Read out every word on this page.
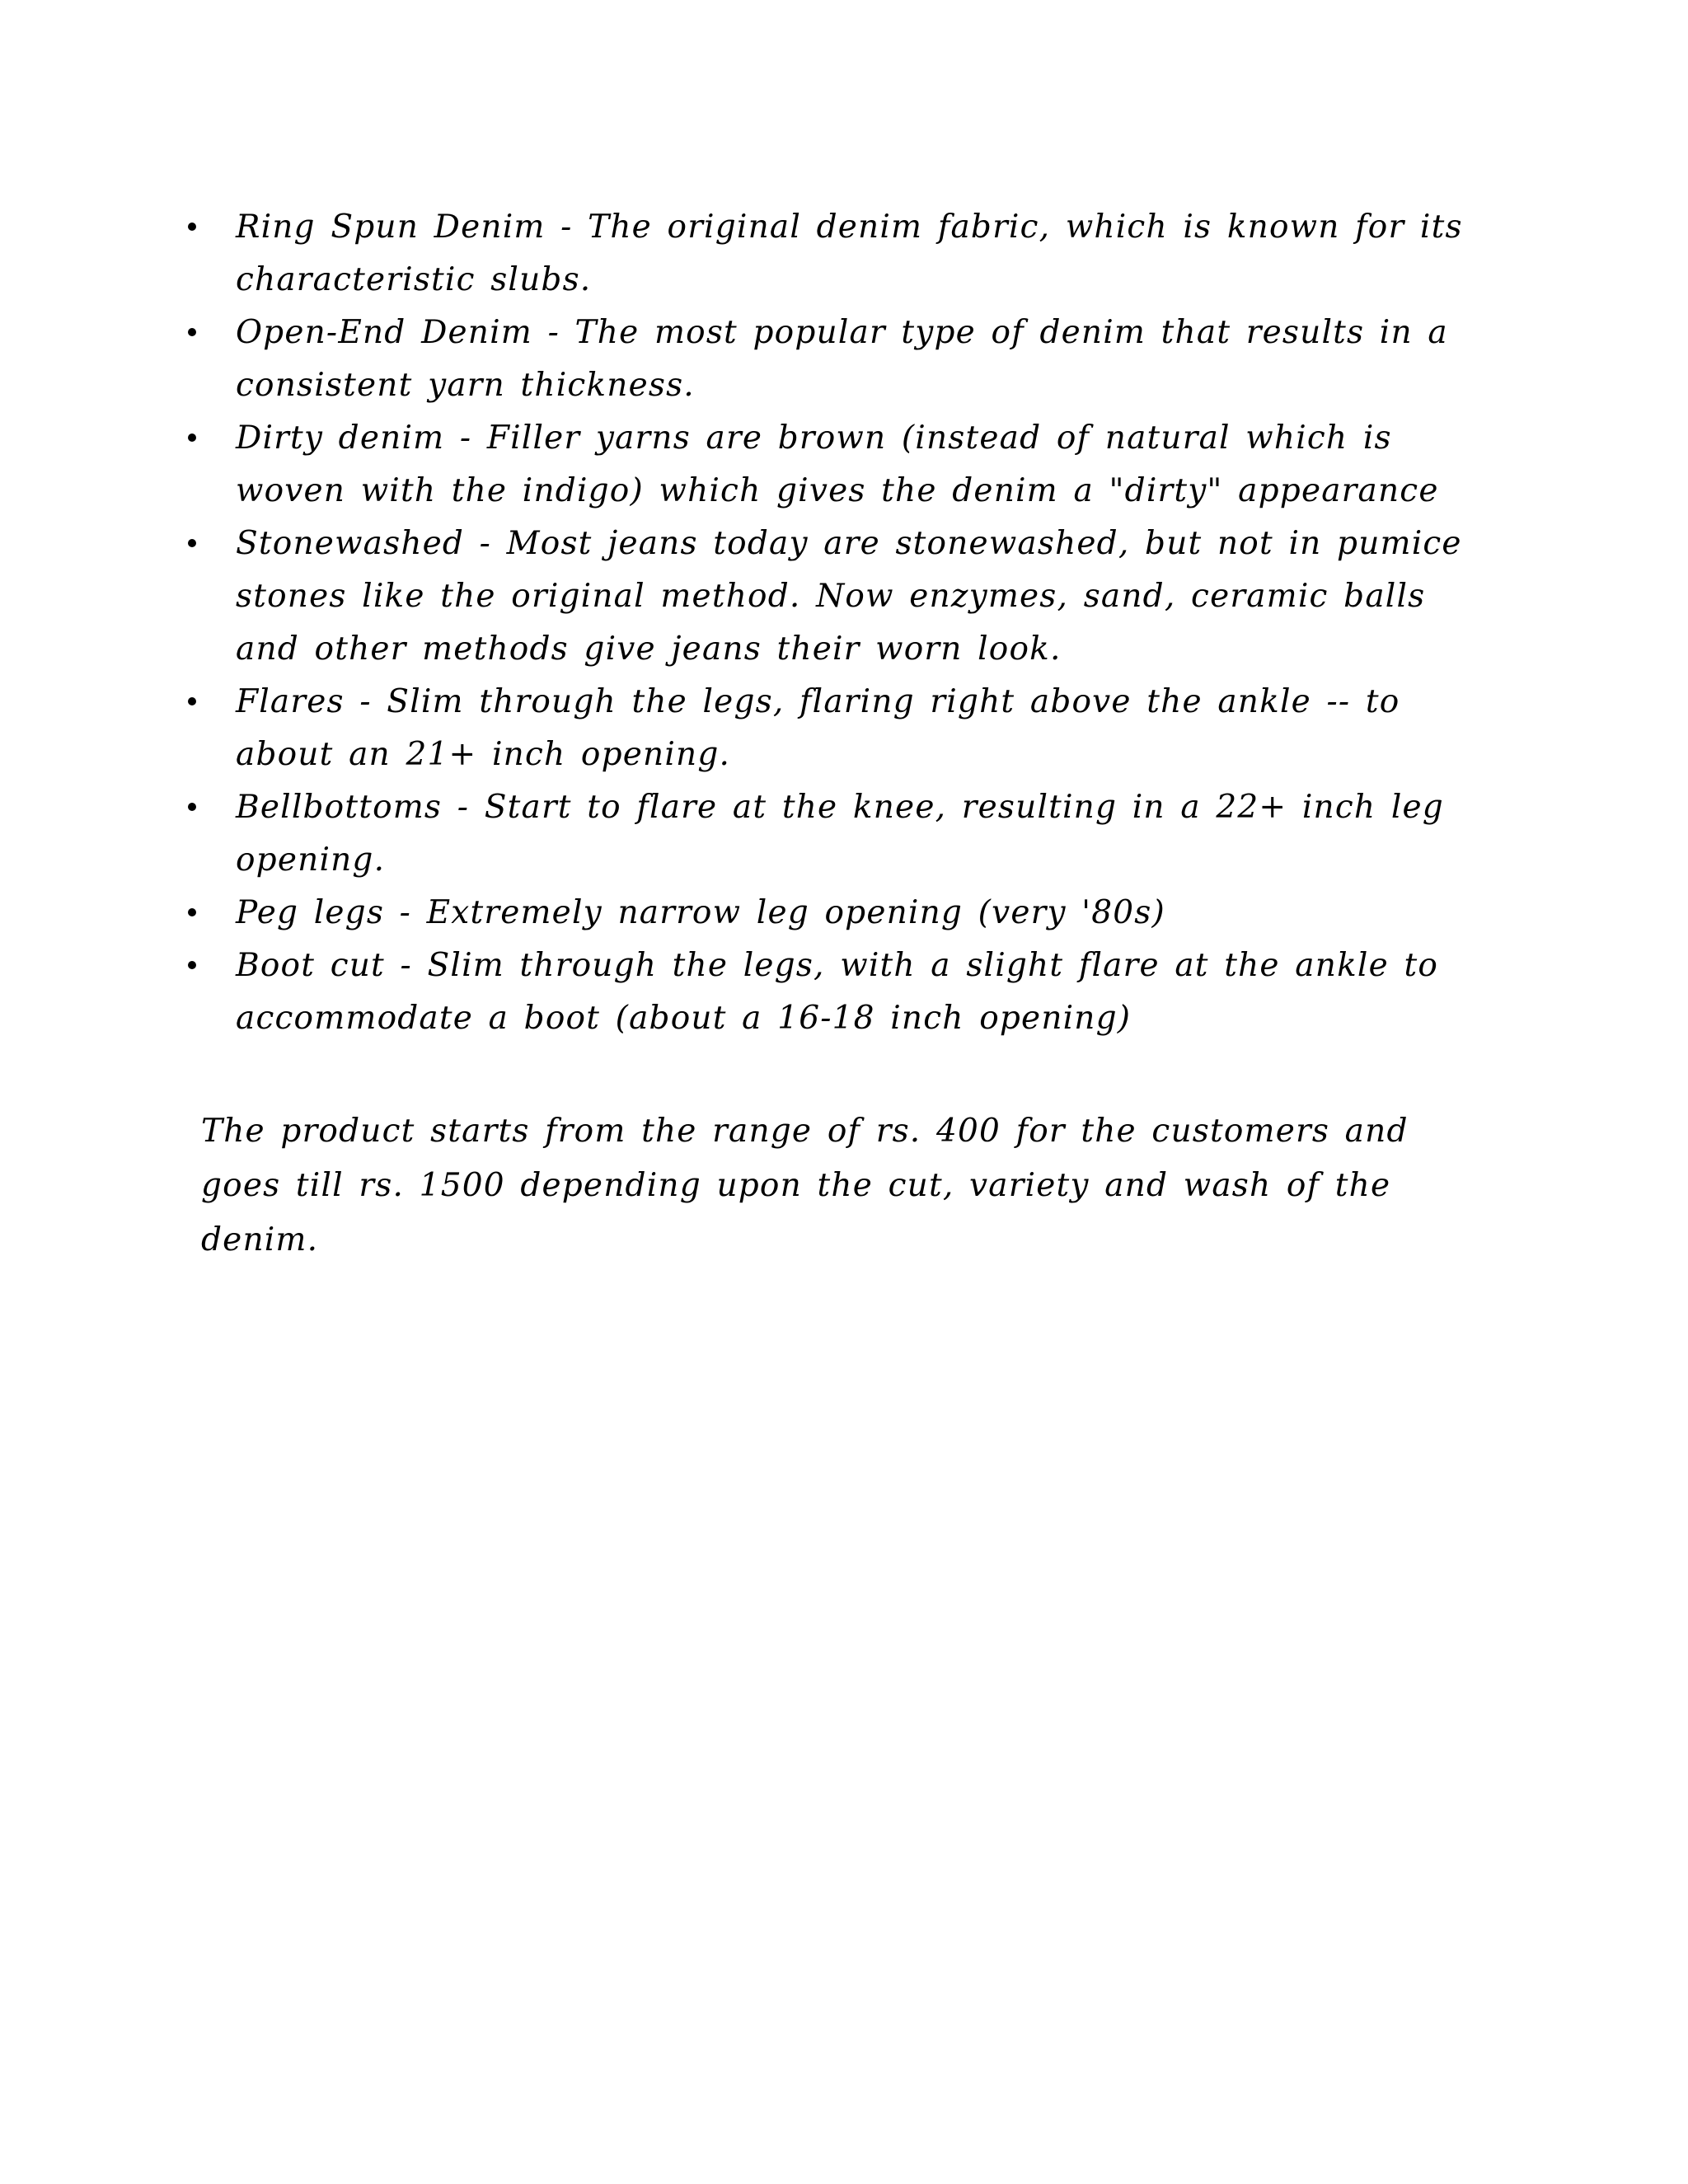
Ring Spun Denim - The original denim fabric, which is known for its characteristic slubs.
Open-End Denim - The most popular type of denim that results in a consistent yarn thickness.
Dirty denim - Filler yarns are brown (instead of natural which is woven with the indigo) which gives the denim a "dirty" appearance
Stonewashed - Most jeans today are stonewashed, but not in pumice stones like the original method. Now enzymes, sand, ceramic balls and other methods give jeans their worn look.
Flares - Slim through the legs, flaring right above the ankle -- to about an 21+ inch opening.
Bellbottoms - Start to flare at the knee, resulting in a 22+ inch leg opening.
Peg legs - Extremely narrow leg opening (very '80s)
Boot cut - Slim through the legs, with a slight flare at the ankle to accommodate a boot (about a 16-18 inch opening)

The product starts from the range of rs. 400 for the customers and goes till rs. 1500 depending upon the cut, variety and wash of the denim.
